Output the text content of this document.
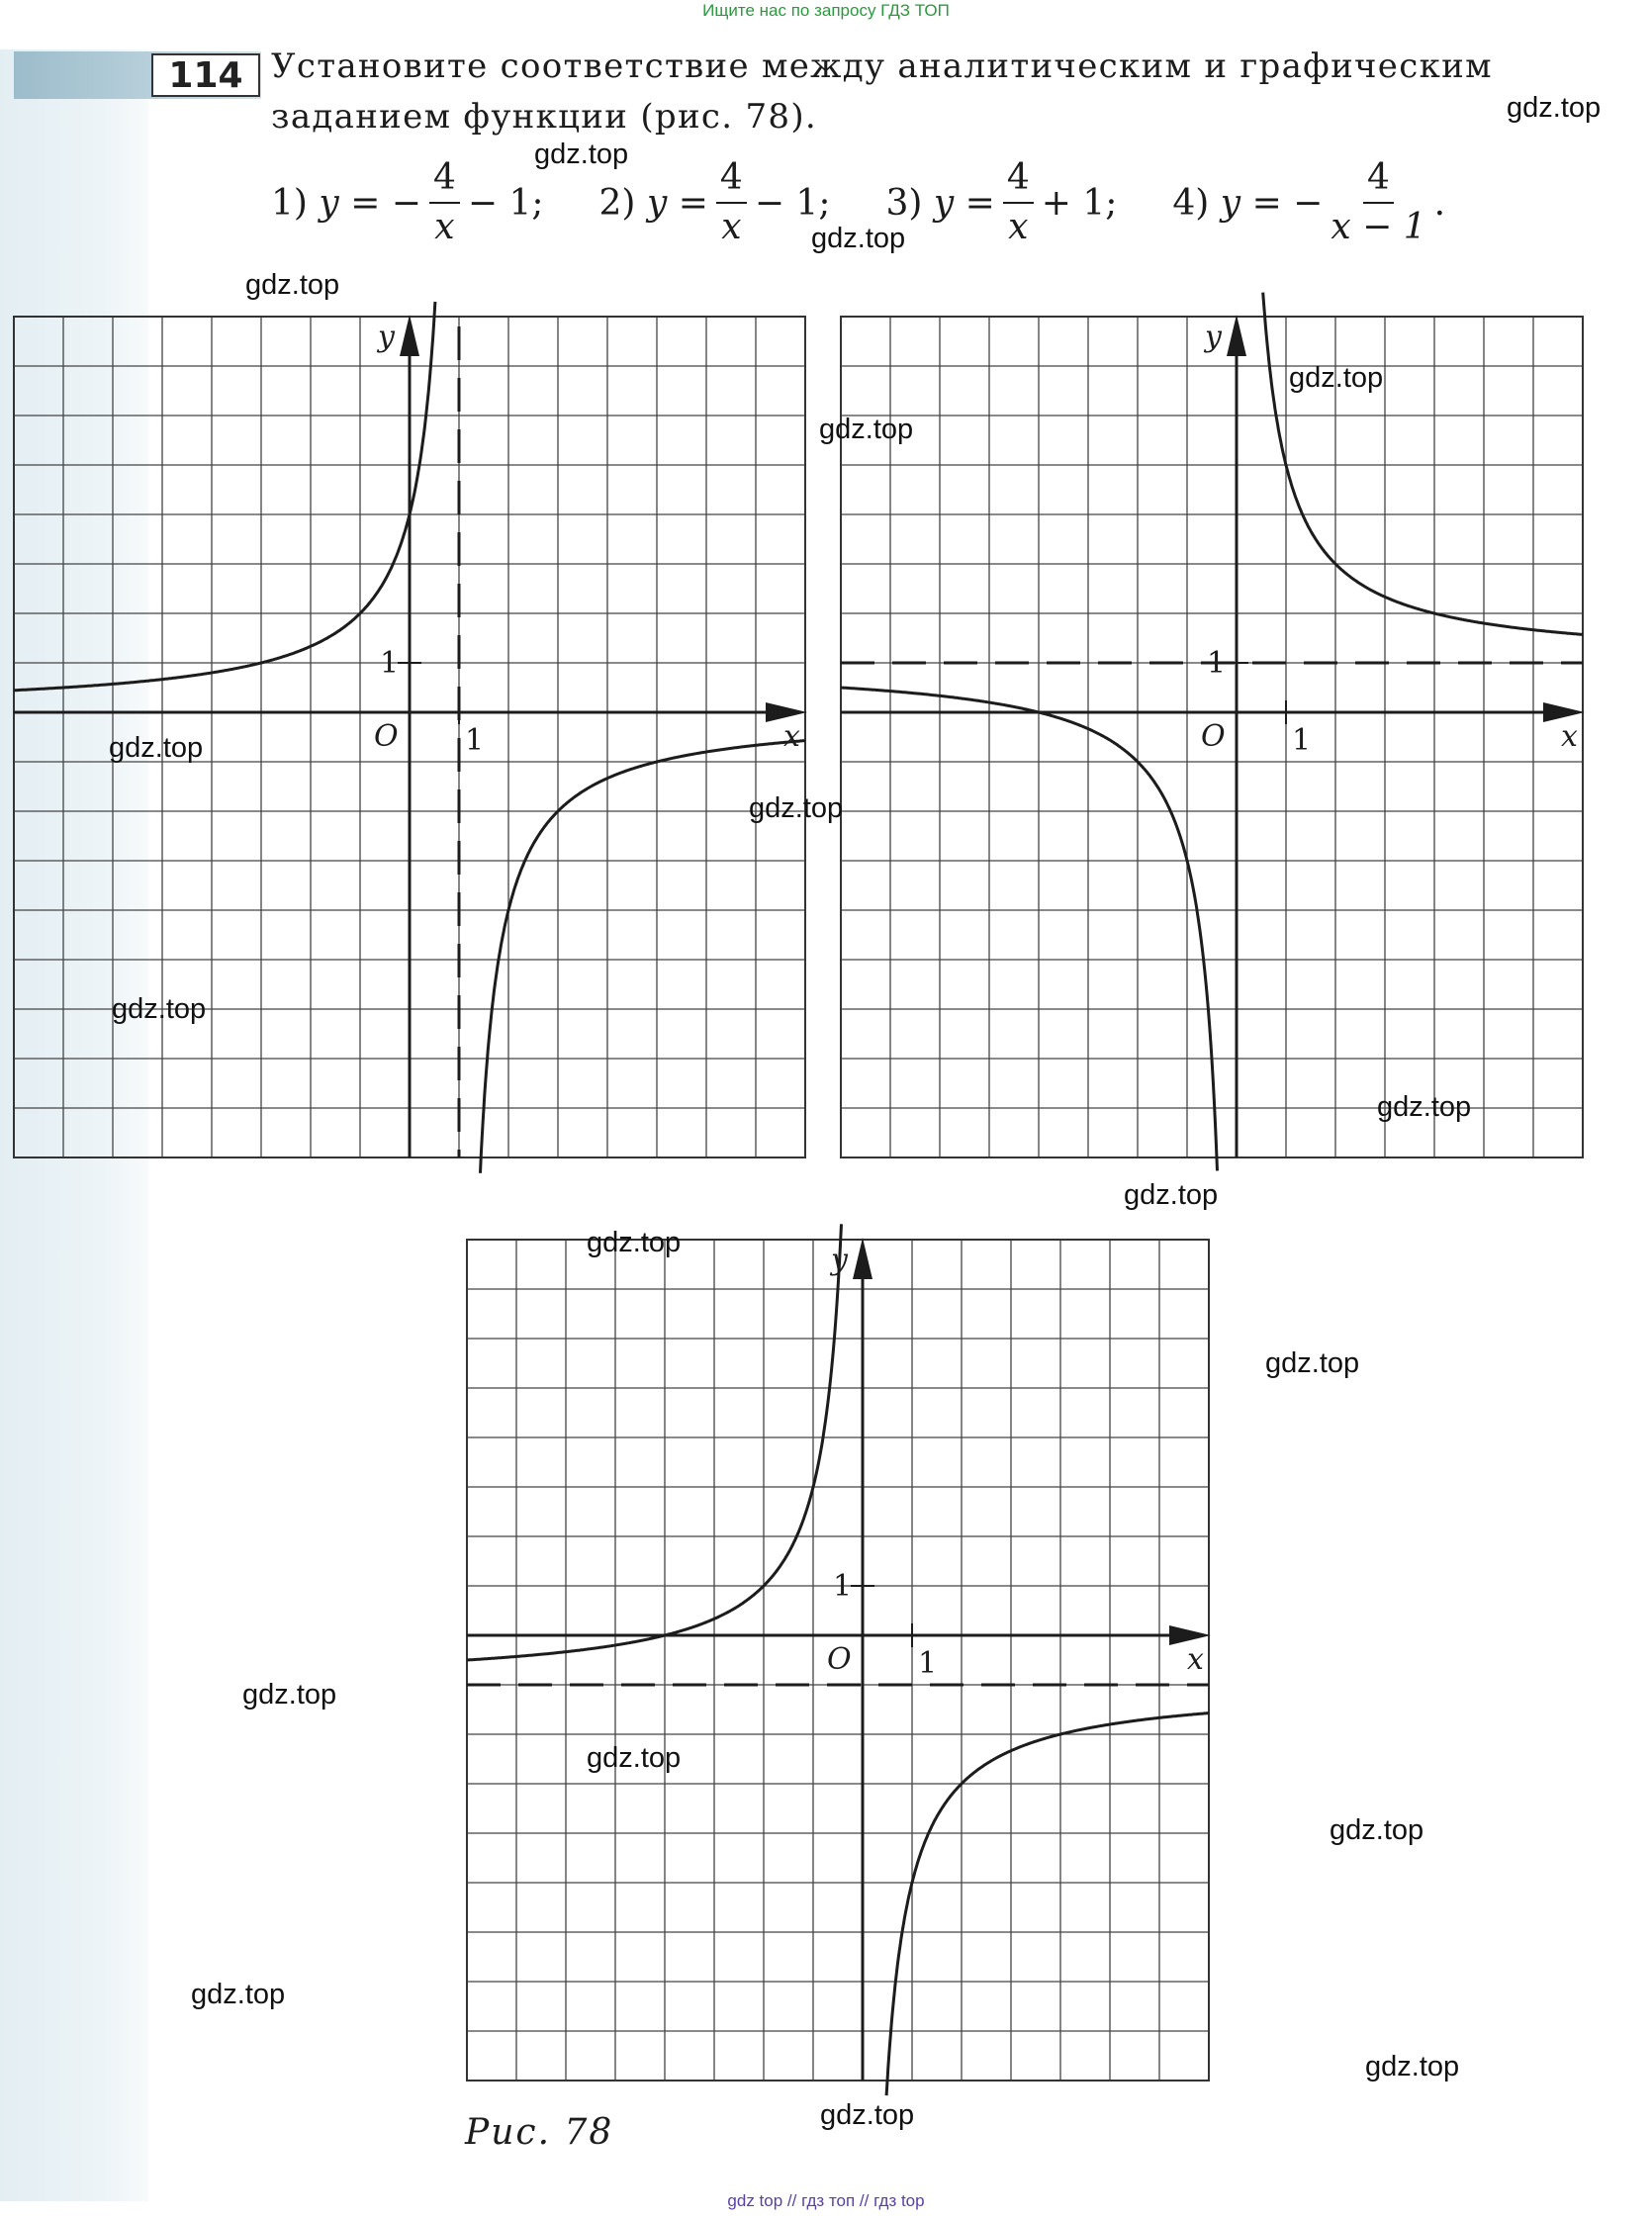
Ищите нас по запросу ГДЗ ТОП
114 Установите соответствие между аналитическим и графическим заданием функции (рис. 78).
1)
y
= − $\frac{4}{x} - 1$; 2)
y
= $\frac{4}{x} - 1$; 3)
y
= $\frac{4}{x} + 1$; 4)
y
= − $\frac{4}{x - 1}$ .
x
y
O 1
1
x
y
O 1
1
x
y
O 1
1
Рис. 78
gdz.top
gdz.top
gdz.top
gdz.top
gdz.top
gdz.top
gdz.top
gdz.top
gdz.top
gdz.top
gdz.top
gdz.top
gdz.top
gdz.top
gdz.top
gdz.top
gdz.top
gdz.top
gdz.top
gdz top // гдз топ // гдз top
